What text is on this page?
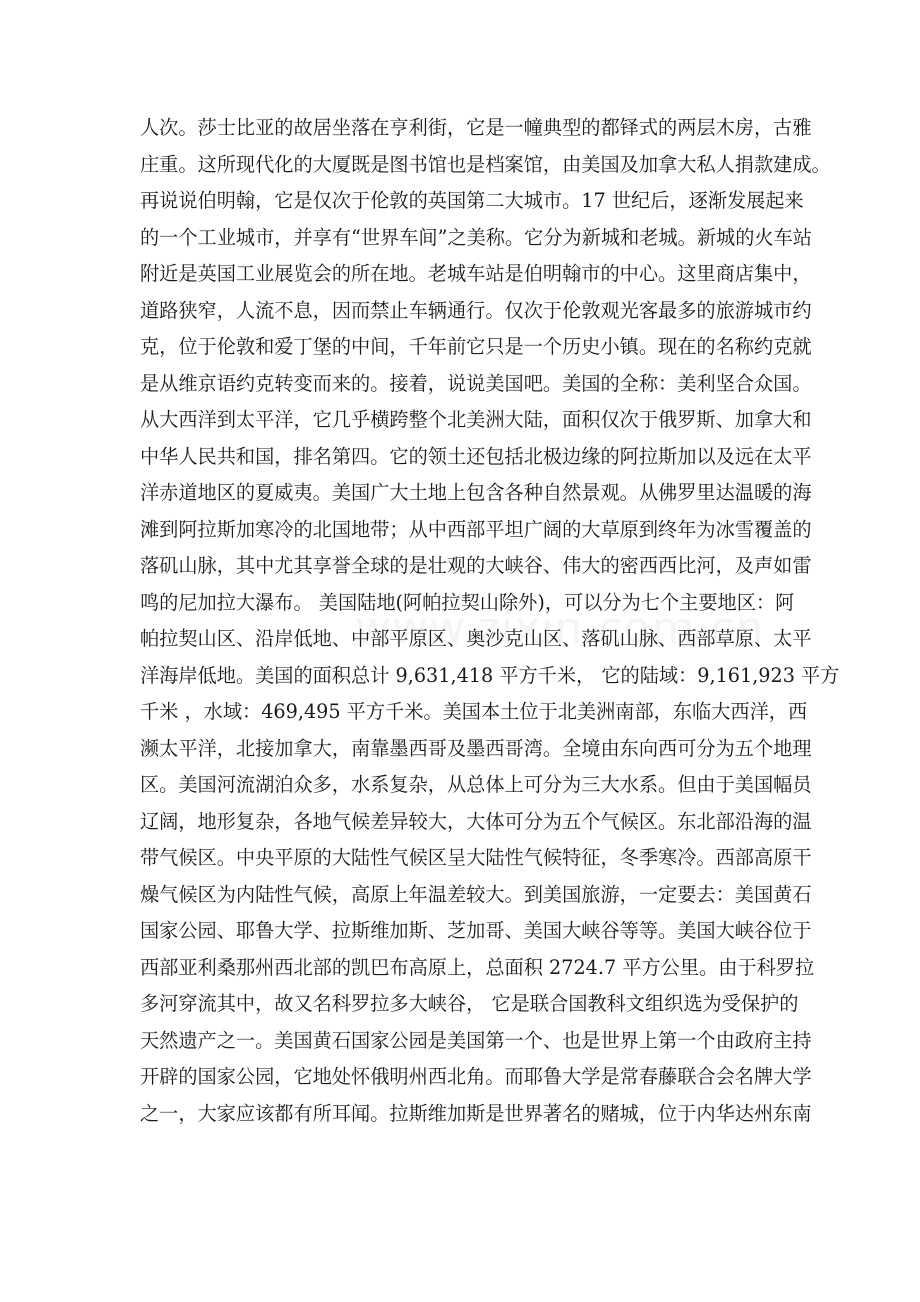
人次。莎士比亚的故居坐落在亨利街，它是一幢典型的都铎式的两层木房，古雅
庄重。这所现代化的大厦既是图书馆也是档案馆，由美国及加拿大私人捐款建成。
再说说伯明翰，它是仅次于伦敦的英国第二大城市。17 世纪后，逐渐发展起来
的一个工业城市，并享有“世界车间”之美称。它分为新城和老城。新城的火车站
附近是英国工业展览会的所在地。老城车站是伯明翰市的中心。这里商店集中，
道路狭窄，人流不息，因而禁止车辆通行。仅次于伦敦观光客最多的旅游城市约
克，位于伦敦和爱丁堡的中间，千年前它只是一个历史小镇。现在的名称约克就
是从维京语约克转变而来的。接着，说说美国吧。美国的全称：美利坚合众国。
从大西洋到太平洋，它几乎横跨整个北美洲大陆，面积仅次于俄罗斯、加拿大和
中华人民共和国，排名第四。它的领土还包括北极边缘的阿拉斯加以及远在太平
洋赤道地区的夏威夷。美国广大土地上包含各种自然景观。从佛罗里达温暖的海
滩到阿拉斯加寒冷的北国地带；从中西部平坦广阔的大草原到终年为冰雪覆盖的
落矶山脉，其中尤其享誉全球的是壮观的大峡谷、伟大的密西西比河，及声如雷
鸣的尼加拉大瀑布。 美国陆地(阿帕拉契山除外)，可以分为七个主要地区：阿
帕拉契山区、沿岸低地、中部平原区、奥沙克山区、落矶山脉、西部草原、太平
洋海岸低地。美国的面积总计 9,631,418 平方千米， 它的陆域：9,161,923 平方
千米 ，水域：469,495 平方千米。美国本土位于北美洲南部，东临大西洋，西
濒太平洋，北接加拿大，南靠墨西哥及墨西哥湾。全境由东向西可分为五个地理
区。美国河流湖泊众多，水系复杂，从总体上可分为三大水系。但由于美国幅员
辽阔，地形复杂，各地气候差异较大，大体可分为五个气候区。东北部沿海的温
带气候区。中央平原的大陆性气候区呈大陆性气候特征，冬季寒冷。西部高原干
燥气候区为内陆性气候，高原上年温差较大。到美国旅游，一定要去：美国黄石
国家公园、耶鲁大学、拉斯维加斯、芝加哥、美国大峡谷等等。美国大峡谷位于
西部亚利桑那州西北部的凯巴布高原上，总面积 2724.7 平方公里。由于科罗拉
多河穿流其中，故又名科罗拉多大峡谷， 它是联合国教科文组织选为受保护的
天然遗产之一。美国黄石国家公园是美国第一个、也是世界上第一个由政府主持
开辟的国家公园，它地处怀俄明州西北角。而耶鲁大学是常春藤联合会名牌大学
之一，大家应该都有所耳闻。拉斯维加斯是世界著名的赌城，位于内华达州东南
